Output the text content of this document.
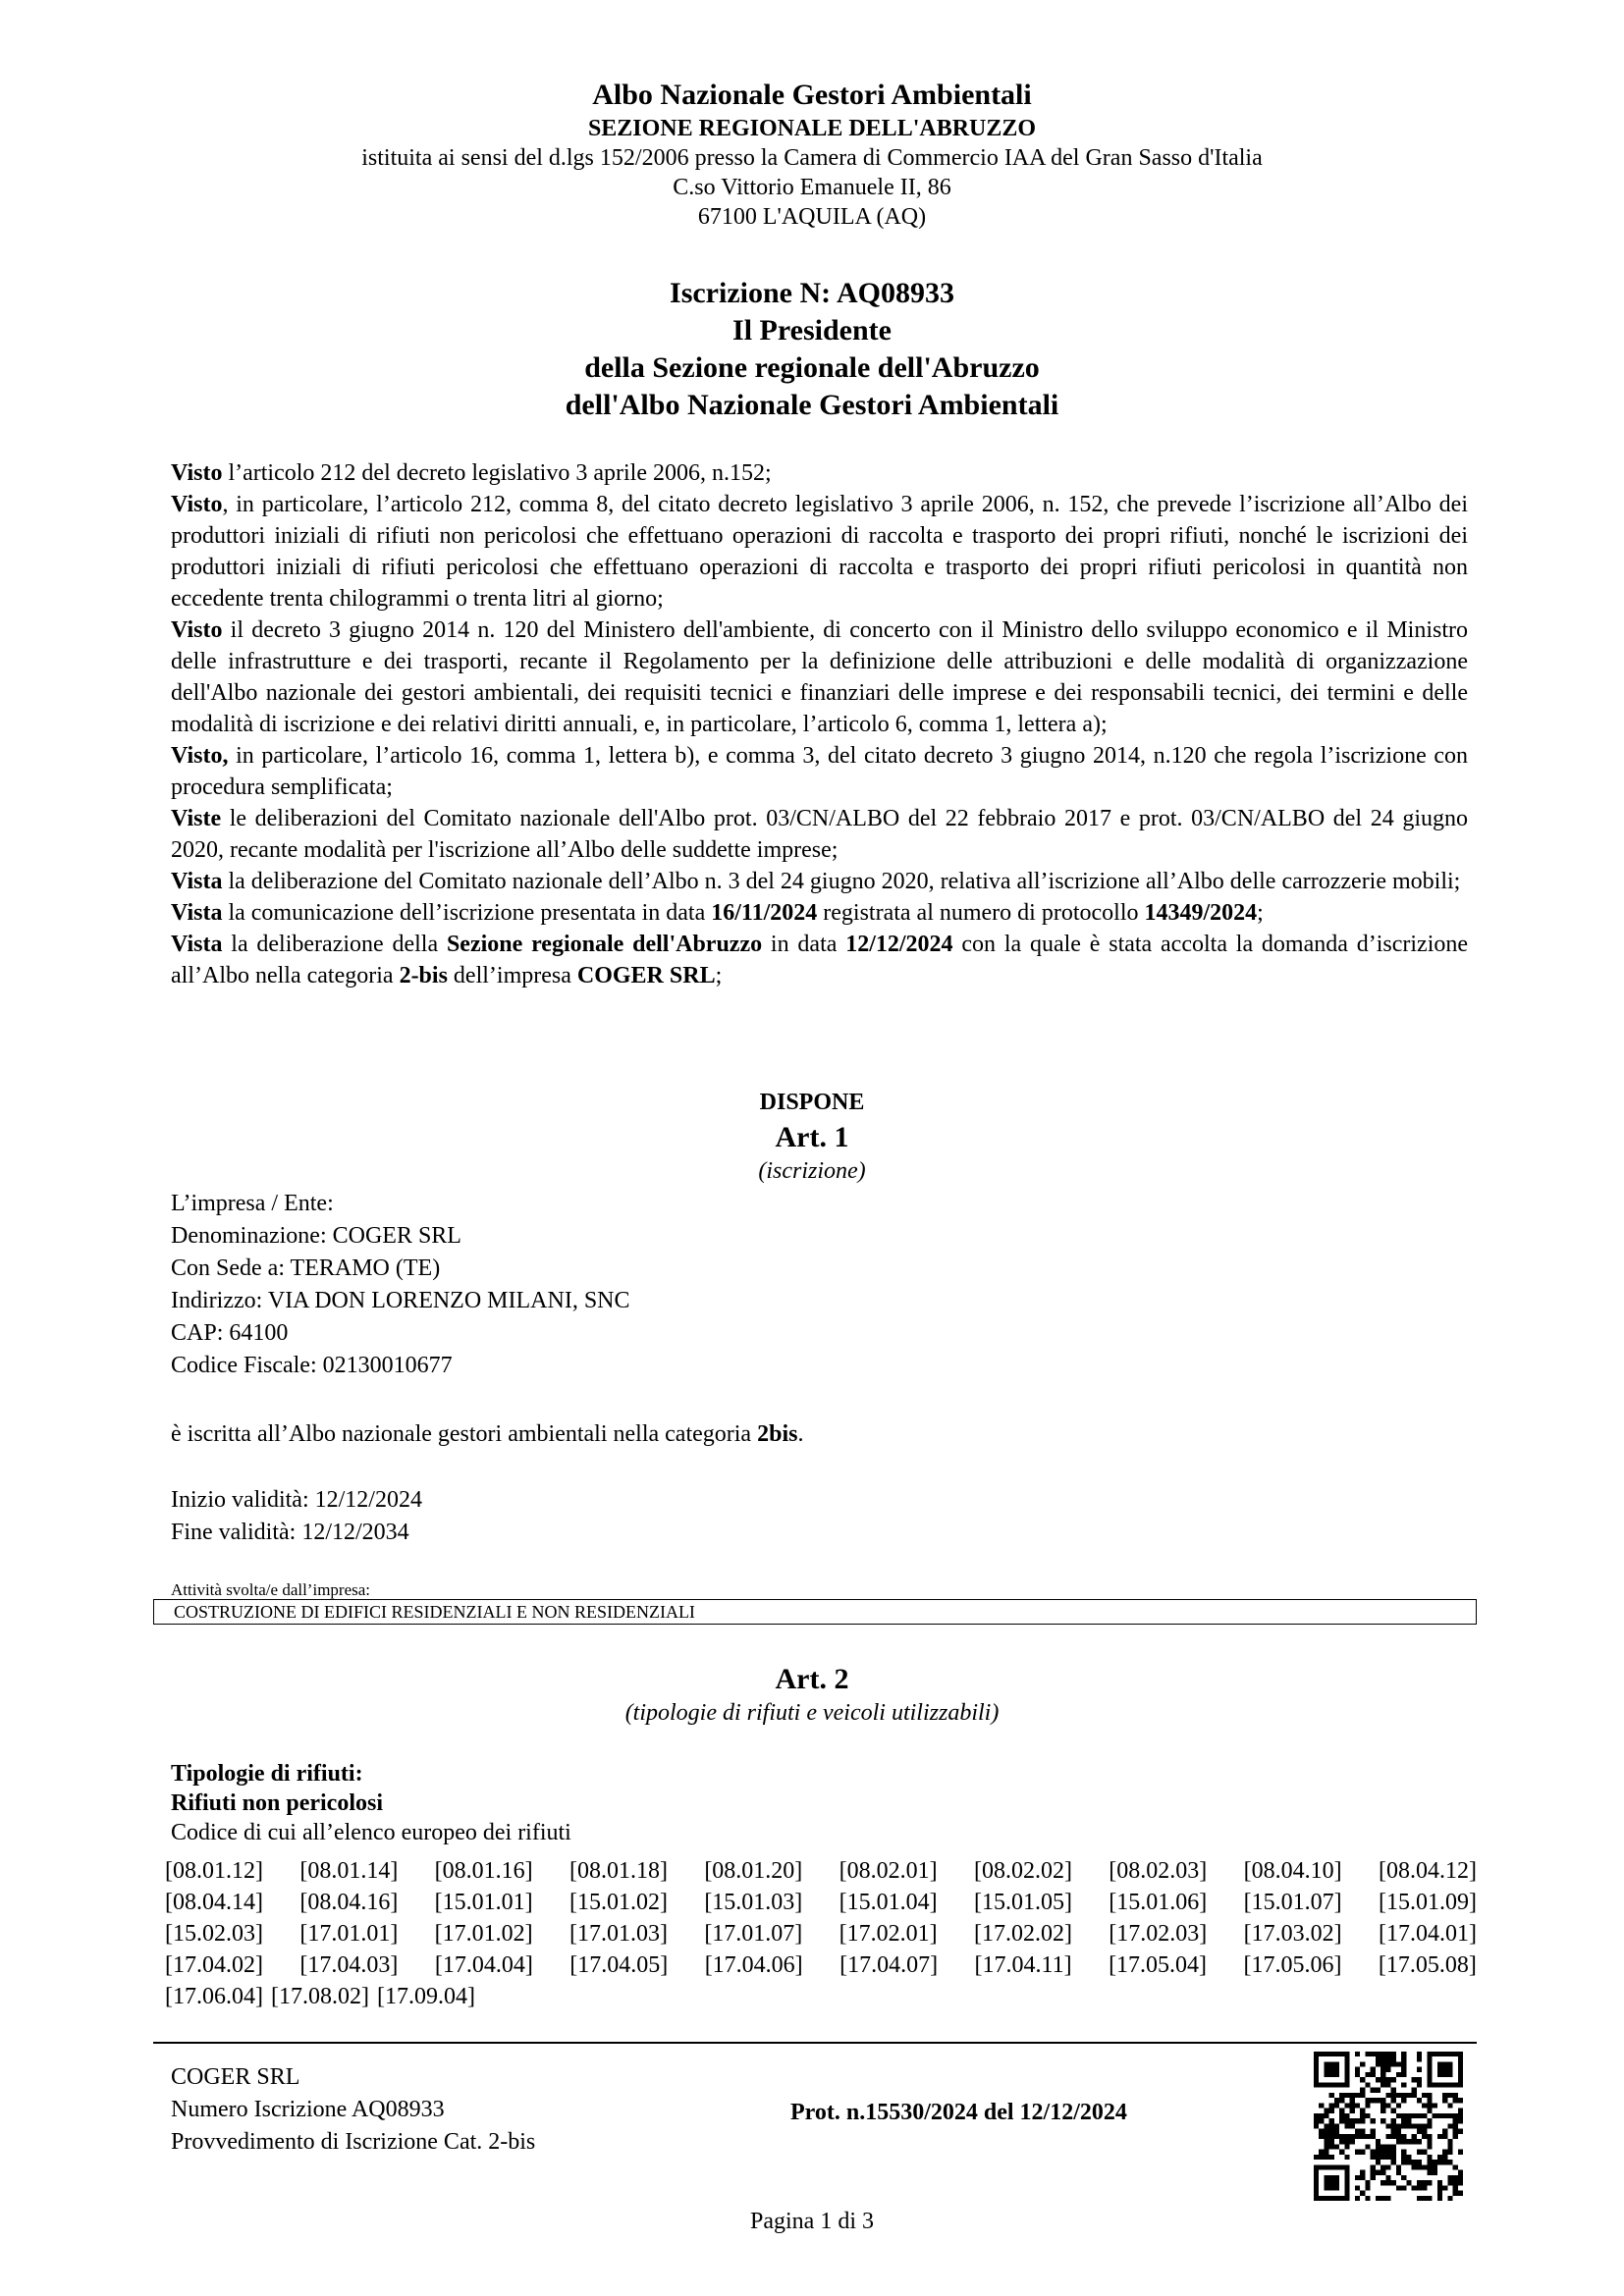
Albo Nazionale Gestori Ambientali
SEZIONE REGIONALE DELL'ABRUZZO
istituita ai sensi del d.lgs 152/2006 presso la Camera di Commercio IAA del Gran Sasso d'Italia
C.so Vittorio Emanuele II, 86
67100 L'AQUILA (AQ)
Iscrizione N: AQ08933
Il Presidente
della Sezione regionale dell'Abruzzo
dell'Albo Nazionale Gestori Ambientali

Visto l’articolo 212 del decreto legislativo 3 aprile 2006, n.152;

Visto, in particolare, l’articolo 212, comma 8, del citato decreto legislativo 3 aprile 2006, n. 152, che prevede l’iscrizione all’Albo dei produttori iniziali di rifiuti non pericolosi che effettuano operazioni di raccolta e trasporto dei propri rifiuti, nonché le iscrizioni dei produttori iniziali di rifiuti pericolosi che effettuano operazioni di raccolta e trasporto dei propri rifiuti pericolosi in quantità non eccedente trenta chilogrammi o trenta litri al giorno;

Visto il decreto 3 giugno 2014 n. 120 del Ministero dell'ambiente, di concerto con il Ministro dello sviluppo economico e il Ministro delle infrastrutture e dei trasporti, recante il Regolamento per la definizione delle attribuzioni e delle modalità di organizzazione dell'Albo nazionale dei gestori ambientali, dei requisiti tecnici e finanziari delle imprese e dei responsabili tecnici, dei termini e delle modalità di iscrizione e dei relativi diritti annuali, e, in particolare, l’articolo 6, comma 1, lettera a);

Visto, in particolare, l’articolo 16, comma 1, lettera b), e comma 3, del citato decreto 3 giugno 2014, n.120 che regola l’iscrizione con procedura semplificata;

Viste le deliberazioni del Comitato nazionale dell'Albo prot. 03/CN/ALBO del 22 febbraio 2017 e prot. 03/CN/ALBO del 24 giugno 2020, recante modalità per l'iscrizione all’Albo delle suddette imprese;

Vista la deliberazione del Comitato nazionale dell’Albo n. 3 del 24 giugno 2020, relativa all’iscrizione all’Albo delle carrozzerie mobili;

Vista la comunicazione dell’iscrizione presentata in data 16/11/2024 registrata al numero di protocollo 14349/2024;

Vista la deliberazione della Sezione regionale dell'Abruzzo in data 12/12/2024 con la quale è stata accolta la domanda d’iscrizione all’Albo nella categoria 2-bis dell’impresa COGER SRL;

DISPONE
Art. 1
(iscrizione)
L’impresa / Ente:
Denominazione: COGER SRL
Con Sede a: TERAMO (TE)
Indirizzo: VIA DON LORENZO MILANI, SNC
CAP: 64100
Codice Fiscale: 02130010677
è iscritta all’Albo nazionale gestori ambientali nella categoria 2bis.
Inizio validità: 12/12/2024
Fine validità: 12/12/2034
Attività svolta/e dall’impresa:
COSTRUZIONE DI EDIFICI RESIDENZIALI E NON RESIDENZIALI
Art. 2
(tipologie di rifiuti e veicoli utilizzabili)
Tipologie di rifiuti:
Rifiuti non pericolosi
Codice di cui all’elenco europeo dei rifiuti
[08.01.12] [08.01.14] [08.01.16] [08.01.18] [08.01.20] [08.02.01] [08.02.02] [08.02.03] [08.04.10] [08.04.12]
[08.04.14] [08.04.16] [15.01.01] [15.01.02] [15.01.03] [15.01.04] [15.01.05] [15.01.06] [15.01.07] [15.01.09]
[15.02.03] [17.01.01] [17.01.02] [17.01.03] [17.01.07] [17.02.01] [17.02.02] [17.02.03] [17.03.02] [17.04.01]
[17.04.02] [17.04.03] [17.04.04] [17.04.05] [17.04.06] [17.04.07] [17.04.11] [17.05.04] [17.05.06] [17.05.08]
[17.06.04] [17.08.02] [17.09.04]
COGER SRL
Numero Iscrizione AQ08933
Provvedimento di Iscrizione Cat. 2-bis
Prot. n.15530/2024 del 12/12/2024
Pagina 1 di 3
